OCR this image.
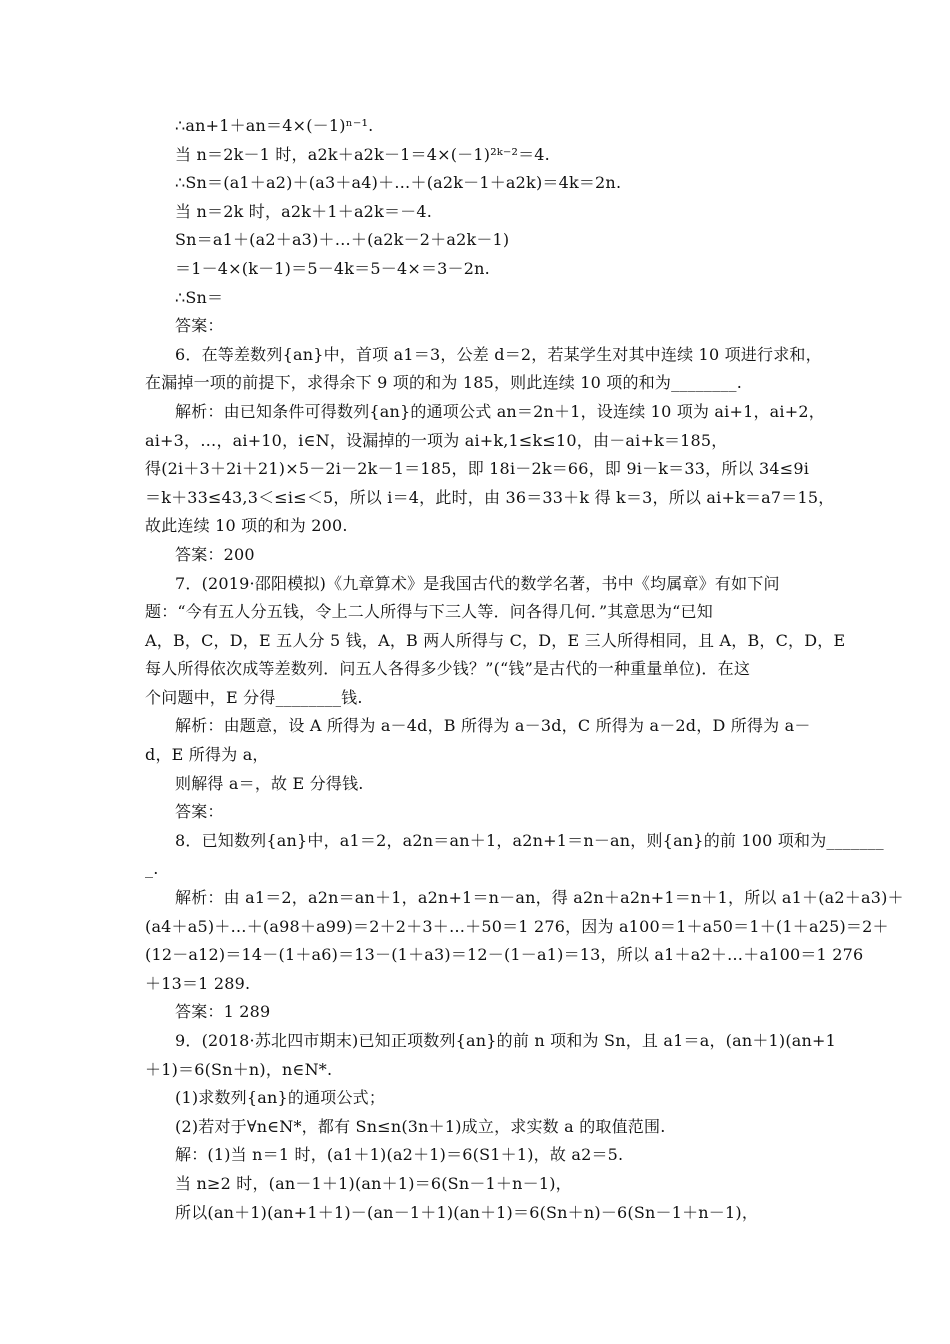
∴an+1＋an＝4×(－1)ⁿ⁻¹.
当 n＝2k－1 时，a2k＋a2k－1＝4×(－1)²ᵏ⁻²＝4.
∴Sn＝(a1＋a2)＋(a3＋a4)＋…＋(a2k－1＋a2k)＝4k＝2n.
当 n＝2k 时，a2k＋1＋a2k＝－4.
Sn＝a1＋(a2＋a3)＋…＋(a2k－2＋a2k－1)
＝1－4×(k－1)＝5－4k＝5－4×＝3－2n.
∴Sn＝
答案：
6．在等差数列{an}中，首项 a1＝3，公差 d＝2，若某学生对其中连续 10 项进行求和，
在漏掉一项的前提下，求得余下 9 项的和为 185，则此连续 10 项的和为________.
解析：由已知条件可得数列{an}的通项公式 an＝2n＋1，设连续 10 项为 ai+1，ai+2，
ai+3，…，ai+10，i∈N，设漏掉的一项为 ai+k,1≤k≤10，由－ai+k＝185，
得(2i＋3＋2i＋21)×5－2i－2k－1＝185，即 18i－2k＝66，即 9i－k＝33，所以 34≤9i
＝k＋33≤43,3＜≤i≤＜5，所以 i＝4，此时，由 36＝33＋k 得 k＝3，所以 ai+k＝a7＝15，
故此连续 10 项的和为 200.
答案：200
7．(2019·邵阳模拟)《九章算术》是我国古代的数学名著，书中《均属章》有如下问
题：“今有五人分五钱，令上二人所得与下三人等．问各得几何．”其意思为“已知
A，B，C，D，E 五人分 5 钱，A，B 两人所得与 C，D，E 三人所得相同，且 A，B，C，D，E
每人所得依次成等差数列．问五人各得多少钱？”(“钱”是古代的一种重量单位)．在这
个问题中，E 分得________钱.
解析：由题意，设 A 所得为 a－4d，B 所得为 a－3d，C 所得为 a－2d，D 所得为 a－
d，E 所得为 a，
则解得 a＝，故 E 分得钱.
答案：
8．已知数列{an}中，a1＝2，a2n＝an＋1，a2n+1＝n－an，则{an}的前 100 项和为_______
_.
解析：由 a1＝2，a2n＝an＋1，a2n+1＝n－an，得 a2n＋a2n+1＝n＋1，所以 a1＋(a2＋a3)＋
(a4＋a5)＋…＋(a98＋a99)＝2＋2＋3＋…＋50＝1 276，因为 a100＝1＋a50＝1＋(1＋a25)＝2＋
(12－a12)＝14－(1＋a6)＝13－(1＋a3)＝12－(1－a1)＝13，所以 a1＋a2＋…＋a100＝1 276
＋13＝1 289.
答案：1 289
9．(2018·苏北四市期末)已知正项数列{an}的前 n 项和为 Sn，且 a1＝a，(an＋1)(an+1
＋1)＝6(Sn＋n)，n∈N*.
(1)求数列{an}的通项公式；
(2)若对于∀n∈N*，都有 Sn≤n(3n＋1)成立，求实数 a 的取值范围.
解：(1)当 n＝1 时，(a1＋1)(a2＋1)＝6(S1＋1)，故 a2＝5.
当 n≥2 时，(an－1＋1)(an＋1)＝6(Sn－1＋n－1)，
所以(an＋1)(an+1＋1)－(an－1＋1)(an＋1)＝6(Sn＋n)－6(Sn－1＋n－1)，
